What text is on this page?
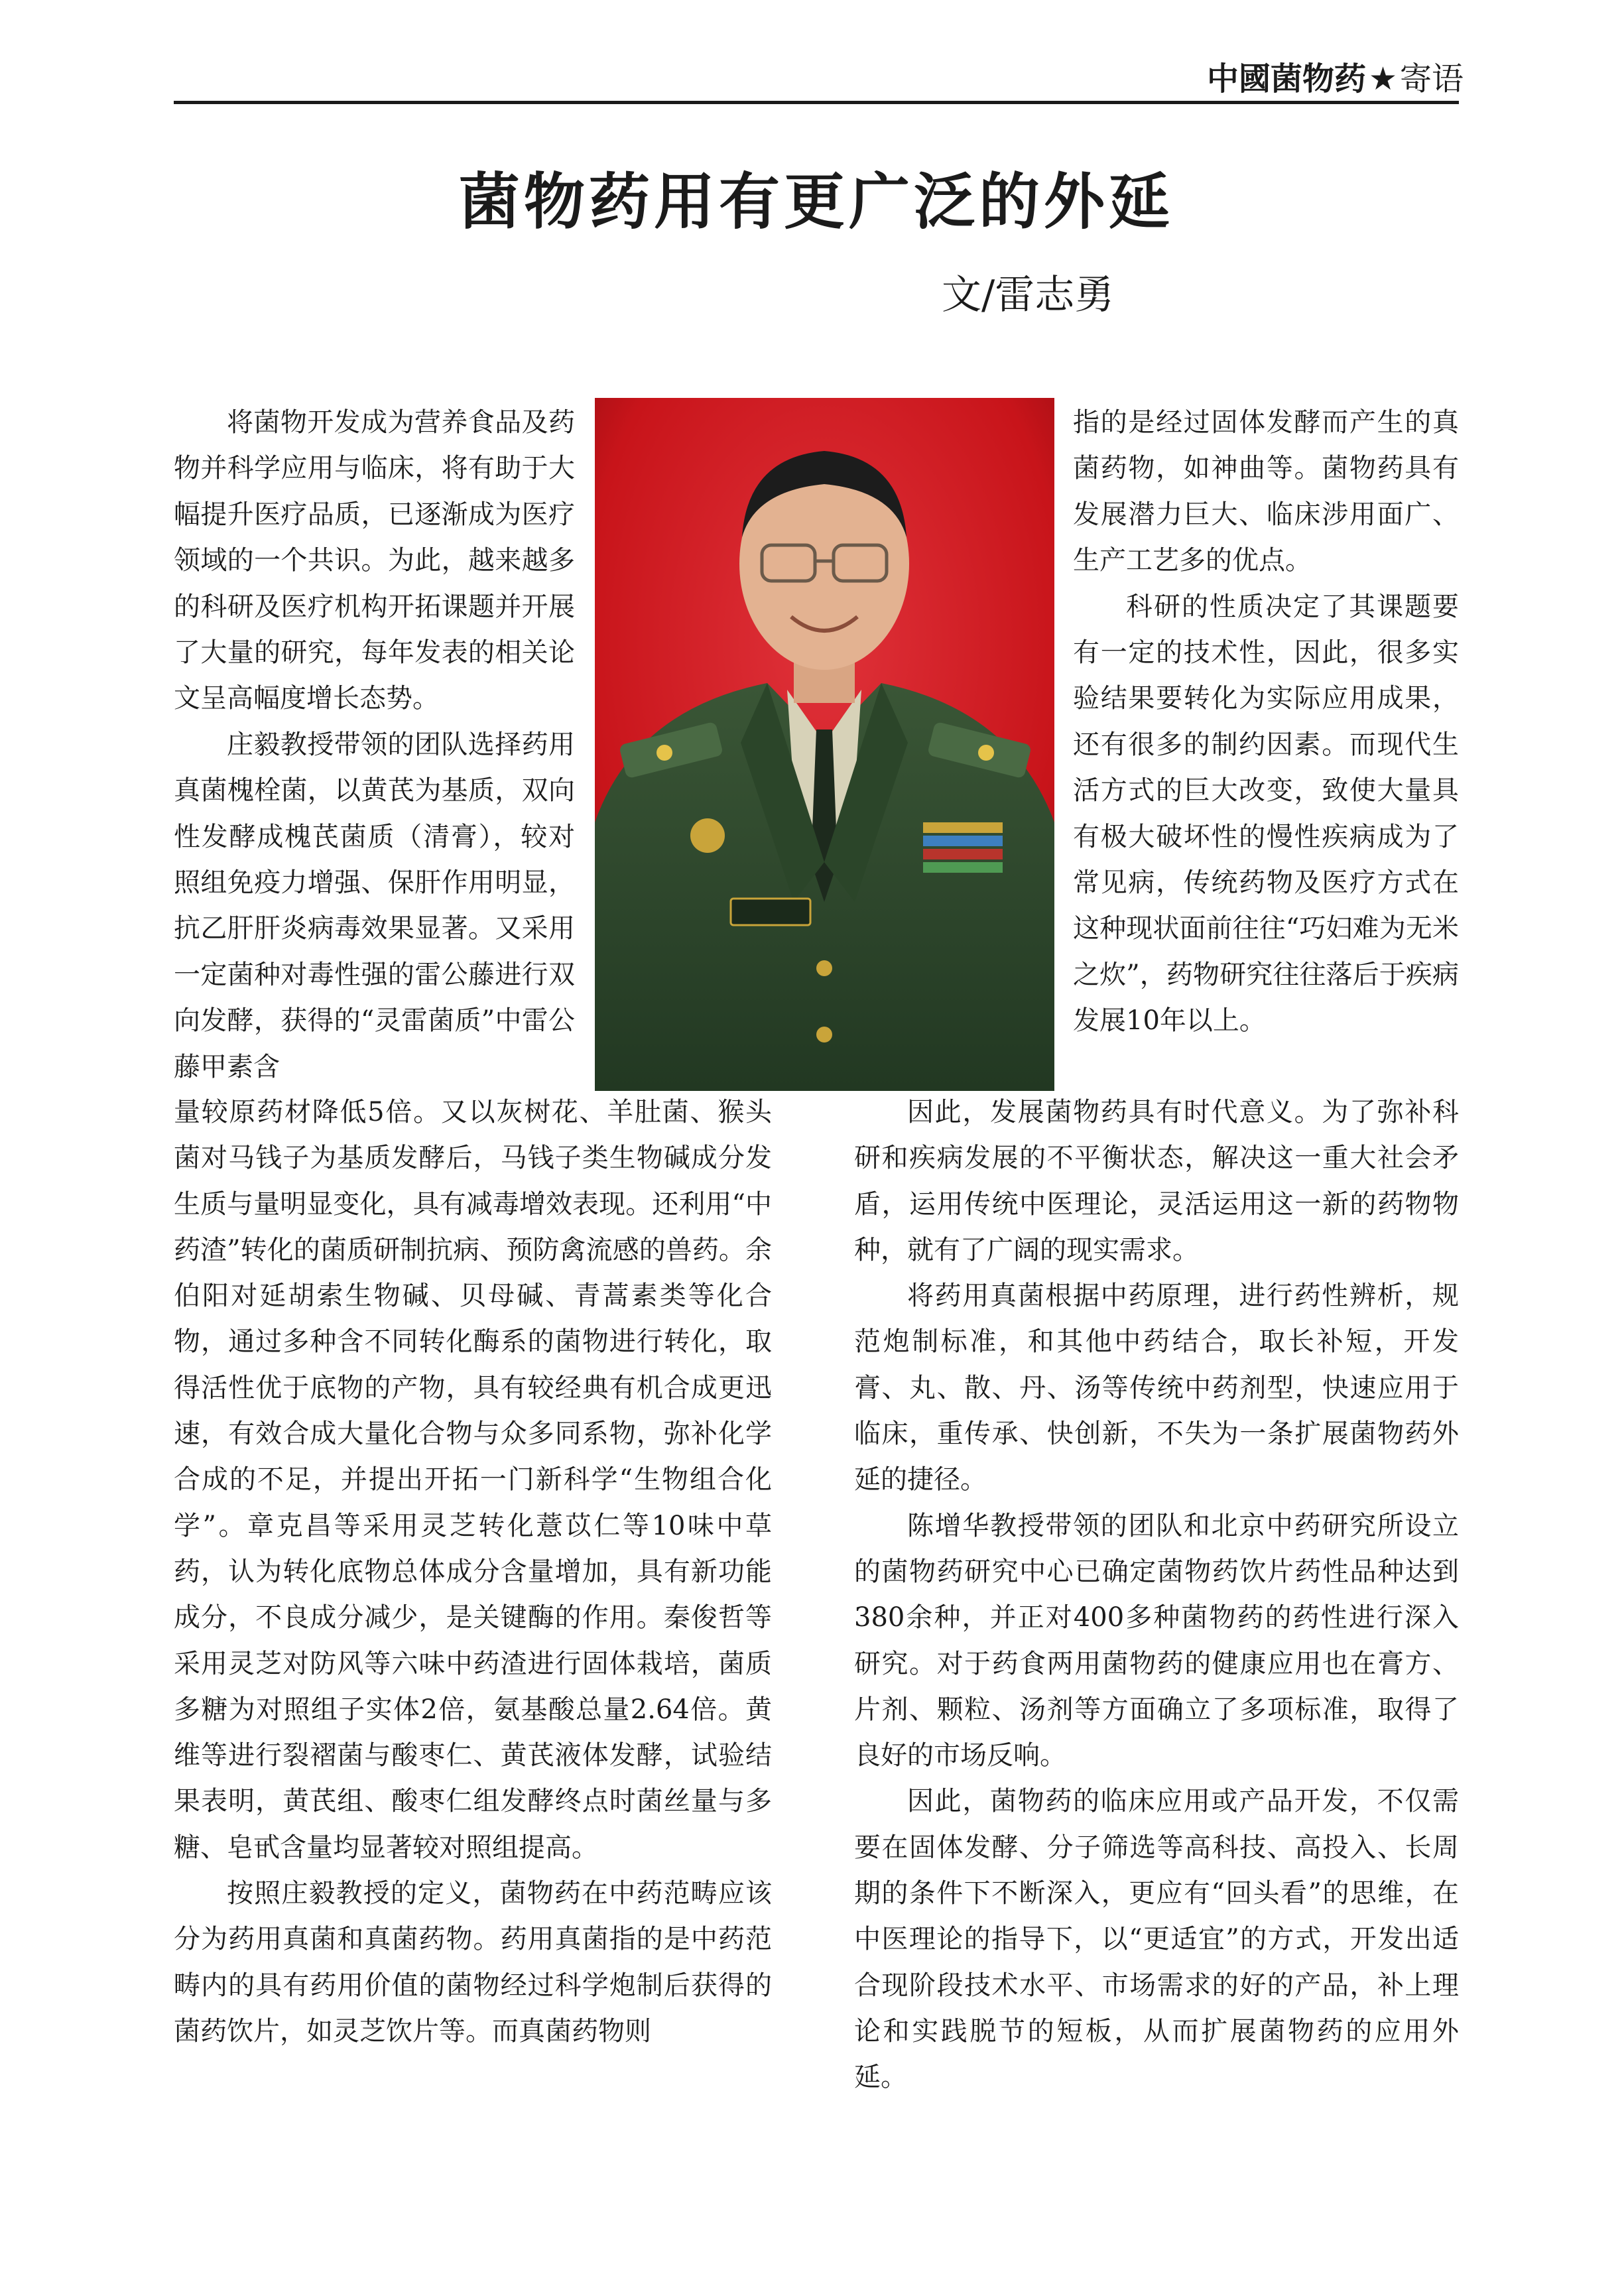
中國菌物药★寄语
菌物药用有更广泛的外延
文/雷志勇

将菌物开发成为营养食品及药物并科学应用与临床，将有助于大幅提升医疗品质，已逐渐成为医疗领域的一个共识。为此，越来越多的科研及医疗机构开拓课题并开展了大量的研究，每年发表的相关论文呈高幅度增长态势。

庄毅教授带领的团队选择药用真菌槐栓菌，以黄芪为基质，双向性发酵成槐芪菌质（清膏），较对照组免疫力增强、保肝作用明显，抗乙肝肝炎病毒效果显著。又采用一定菌种对毒性强的雷公藤进行双向发酵，获得的“灵雷菌质”中雷公藤甲素含

量较原药材降低5倍。又以灰树花、羊肚菌、猴头菌对马钱子为基质发酵后，马钱子类生物碱成分发生质与量明显变化，具有减毒增效表现。还利用“中药渣”转化的菌质研制抗病、预防禽流感的兽药。余伯阳对延胡索生物碱、贝母碱、青蒿素类等化合物，通过多种含不同转化酶系的菌物进行转化，取得活性优于底物的产物，具有较经典有机合成更迅速，有效合成大量化合物与众多同系物，弥补化学合成的不足，并提出开拓一门新科学“生物组合化学”。章克昌等采用灵芝转化薏苡仁等10味中草药，认为转化底物总体成分含量增加，具有新功能成分，不良成分减少，是关键酶的作用。秦俊哲等采用灵芝对防风等六味中药渣进行固体栽培，菌质多糖为对照组子实体2倍，氨基酸总量2.64倍。黄维等进行裂褶菌与酸枣仁、黄芪液体发酵，试验结果表明，黄芪组、酸枣仁组发酵终点时菌丝量与多糖、皂甙含量均显著较对照组提高。

按照庄毅教授的定义，菌物药在中药范畴应该分为药用真菌和真菌药物。药用真菌指的是中药范畴内的具有药用价值的菌物经过科学炮制后获得的菌药饮片，如灵芝饮片等。而真菌药物则

指的是经过固体发酵而产生的真菌药物，如神曲等。菌物药具有发展潜力巨大、临床涉用面广、生产工艺多的优点。

科研的性质决定了其课题要有一定的技术性，因此，很多实验结果要转化为实际应用成果，还有很多的制约因素。而现代生活方式的巨大改变，致使大量具有极大破坏性的慢性疾病成为了常见病，传统药物及医疗方式在这种现状面前往往“巧妇难为无米之炊”，药物研究往往落后于疾病发展10年以上。

因此，发展菌物药具有时代意义。为了弥补科研和疾病发展的不平衡状态，解决这一重大社会矛盾，运用传统中医理论，灵活运用这一新的药物物种，就有了广阔的现实需求。

将药用真菌根据中药原理，进行药性辨析，规范炮制标准，和其他中药结合，取长补短，开发膏、丸、散、丹、汤等传统中药剂型，快速应用于临床，重传承、快创新，不失为一条扩展菌物药外延的捷径。

陈增华教授带领的团队和北京中药研究所设立的菌物药研究中心已确定菌物药饮片药性品种达到380余种，并正对400多种菌物药的药性进行深入研究。对于药食两用菌物药的健康应用也在膏方、片剂、颗粒、汤剂等方面确立了多项标准，取得了良好的市场反响。

因此，菌物药的临床应用或产品开发，不仅需要在固体发酵、分子筛选等高科技、高投入、长周期的条件下不断深入，更应有“回头看”的思维，在中医理论的指导下，以“更适宜”的方式，开发出适合现阶段技术水平、市场需求的好的产品，补上理论和实践脱节的短板，从而扩展菌物药的应用外延。
